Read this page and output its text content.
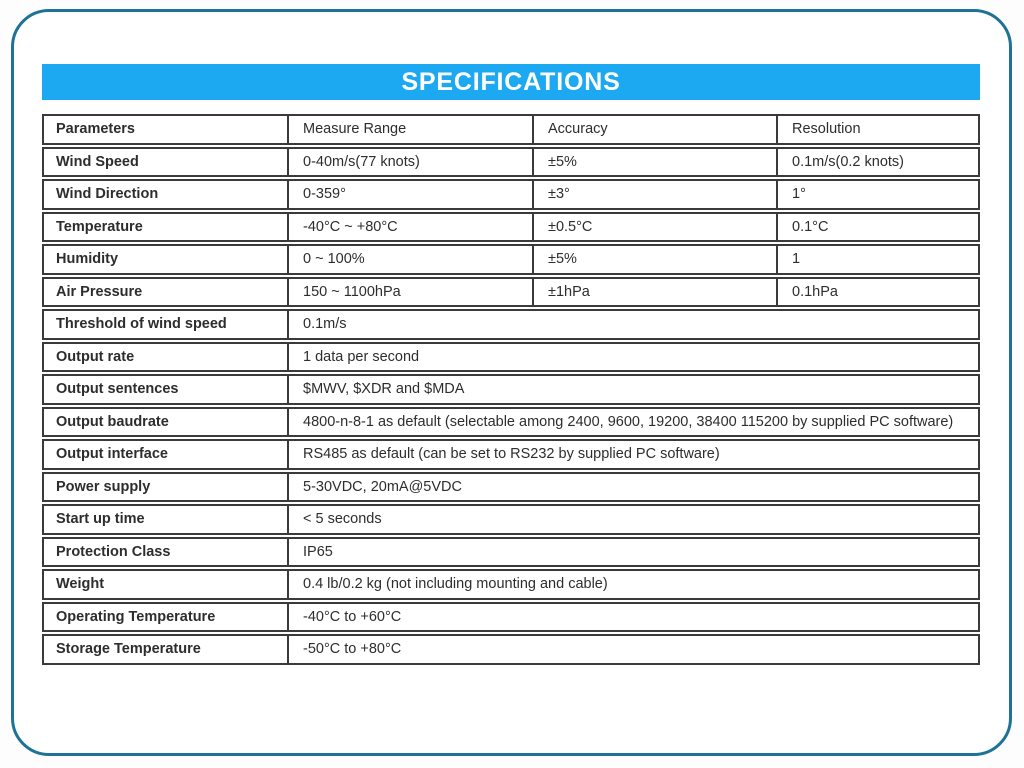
SPECIFICATIONS
Parameters	Measure Range	Accuracy	Resolution
Wind Speed	0-40m/s(77 knots)	±5%	0.1m/s(0.2 knots)
Wind Direction	0-359°	±3°	1°
Temperature	-40°C ~ +80°C	±0.5°C	0.1°C
Humidity	0 ~ 100%	±5%	1
Air Pressure	150 ~ 1100hPa	±1hPa	0.1hPa
Threshold of wind speed	0.1m/s
Output rate	1 data per second
Output sentences	$MWV, $XDR and $MDA
Output baudrate	4800-n-8-1 as default (selectable among 2400, 9600, 19200, 38400 115200 by supplied PC software)
Output interface	RS485 as default (can be set to RS232 by supplied PC software)
Power supply	5-30VDC, 20mA@5VDC
Start up time	< 5 seconds
Protection Class	IP65
Weight	0.4 lb/0.2 kg (not including mounting and cable)
Operating Temperature	-40°C to +60°C
Storage Temperature	-50°C to +80°C
